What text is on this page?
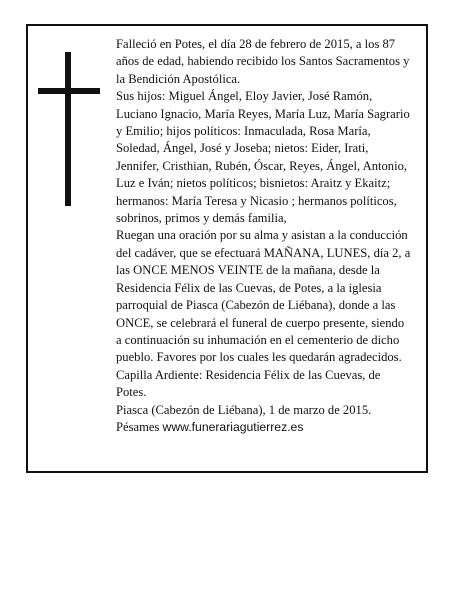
Falleció en Potes, el día 28 de febrero de 2015, a los 87 años de edad, habiendo recibido los Santos Sacramentos y la Bendición Apostólica.

Sus hijos: Miguel Ángel, Eloy Javier, José Ramón, Luciano Ignacio, María Reyes, María Luz, María Sagrario y Emilio; hijos políticos: Inmaculada, Rosa María, Soledad, Ángel, José y Joseba; nietos: Eider, Irati, Jennifer, Cristhian, Rubén, Óscar, Reyes, Ángel, Antonio, Luz e Iván; nietos políticos; bisnietos: Araitz y Ekaitz; hermanos: María Teresa y Nicasio ; hermanos políticos, sobrinos, primos y demás familia,

Ruegan una oración por su alma y asistan a la conducción del cadáver, que se efectuará MAÑANA, LUNES, día 2, a las ONCE MENOS VEINTE de la mañana, desde la Residencia Félix de las Cuevas, de Potes, a la iglesia parroquial de Piasca (Cabezón de Liébana), donde a las ONCE, se celebrará el funeral de cuerpo presente, siendo a continuación su inhumación en el cementerio de dicho pueblo. Favores por los cuales les quedarán agradecidos. Capilla Ardiente: Residencia Félix de las Cuevas, de Potes.

Piasca (Cabezón de Liébana), 1 de marzo de 2015.

Pésames www.funerariagutierrez.es
